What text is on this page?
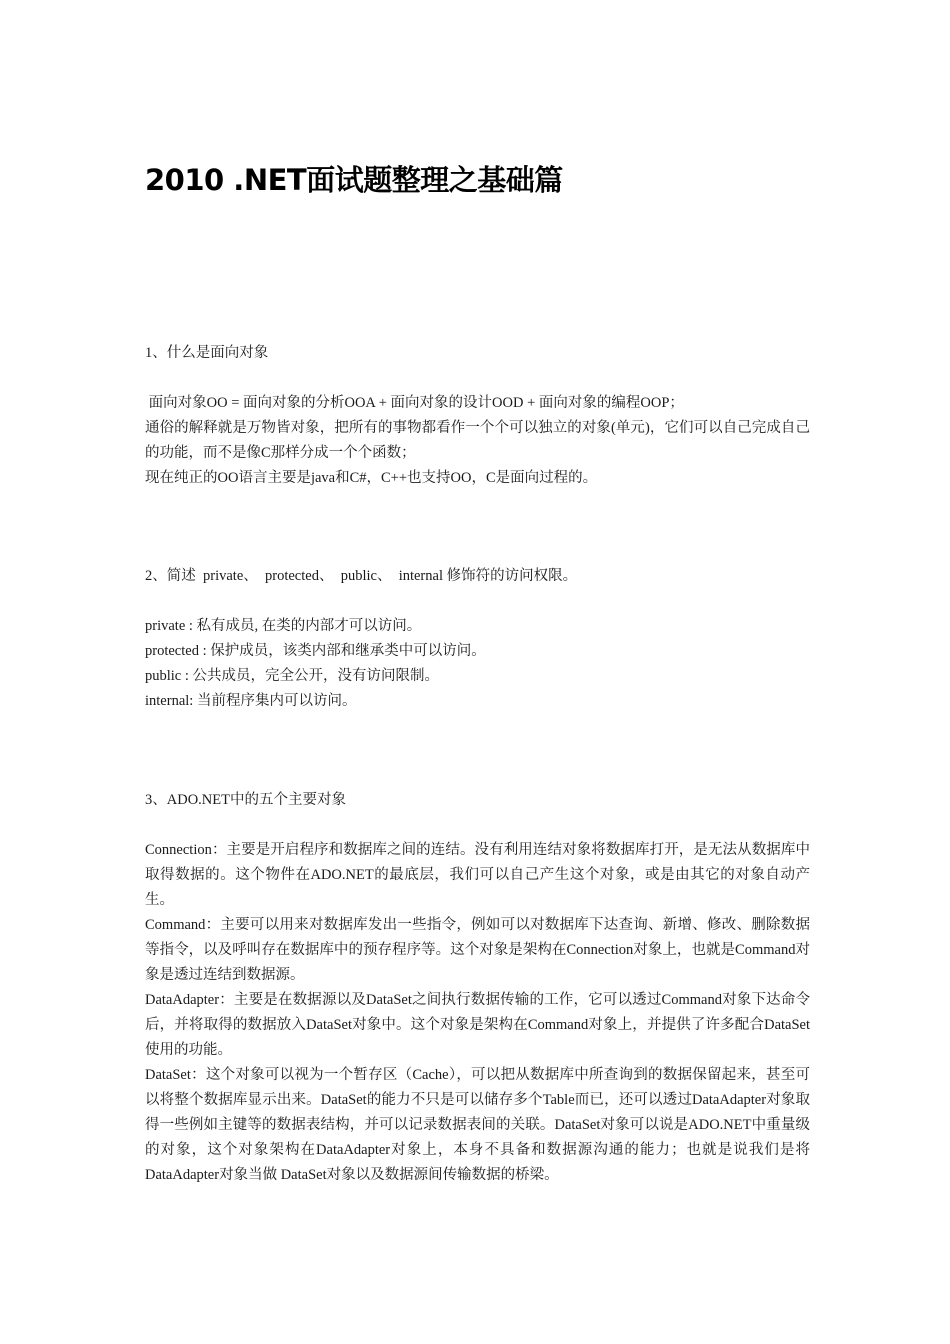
2010 .NET面试题整理之基础篇
1、什么是面向对象
面向对象OO = 面向对象的分析OOA + 面向对象的设计OOD + 面向对象的编程OOP；
通俗的解释就是万物皆对象，把所有的事物都看作一个个可以独立的对象(单元)，它们可以自己完成自己的功能，而不是像C那样分成一个个函数；
现在纯正的OO语言主要是java和C#，C++也支持OO，C是面向过程的。
2、简述  private、  protected、  public、  internal 修饰符的访问权限。
private : 私有成员, 在类的内部才可以访问。
protected : 保护成员，该类内部和继承类中可以访问。
public : 公共成员，完全公开，没有访问限制。
internal: 当前程序集内可以访问。
3、ADO.NET中的五个主要对象
Connection：主要是开启程序和数据库之间的连结。没有利用连结对象将数据库打开，是无法从数据库中取得数据的。这个物件在ADO.NET的最底层，我们可以自己产生这个对象，或是由其它的对象自动产生。
Command：主要可以用来对数据库发出一些指令，例如可以对数据库下达查询、新增、修改、删除数据等指令，以及呼叫存在数据库中的预存程序等。这个对象是架构在Connection对象上，也就是Command对象是透过连结到数据源。
DataAdapter：主要是在数据源以及DataSet之间执行数据传输的工作，它可以透过Command对象下达命令后，并将取得的数据放入DataSet对象中。这个对象是架构在Command对象上，并提供了许多配合DataSet使用的功能。
DataSet：这个对象可以视为一个暂存区（Cache），可以把从数据库中所查询到的数据保留起来，甚至可以将整个数据库显示出来。DataSet的能力不只是可以储存多个Table而已，还可以透过DataAdapter对象取得一些例如主键等的数据表结构，并可以记录数据表间的关联。DataSet对象可以说是ADO.NET中重量级的对象，这个对象架构在DataAdapter对象上，本身不具备和数据源沟通的能力；也就是说我们是将DataAdapter对象当做 DataSet对象以及数据源间传输数据的桥梁。
